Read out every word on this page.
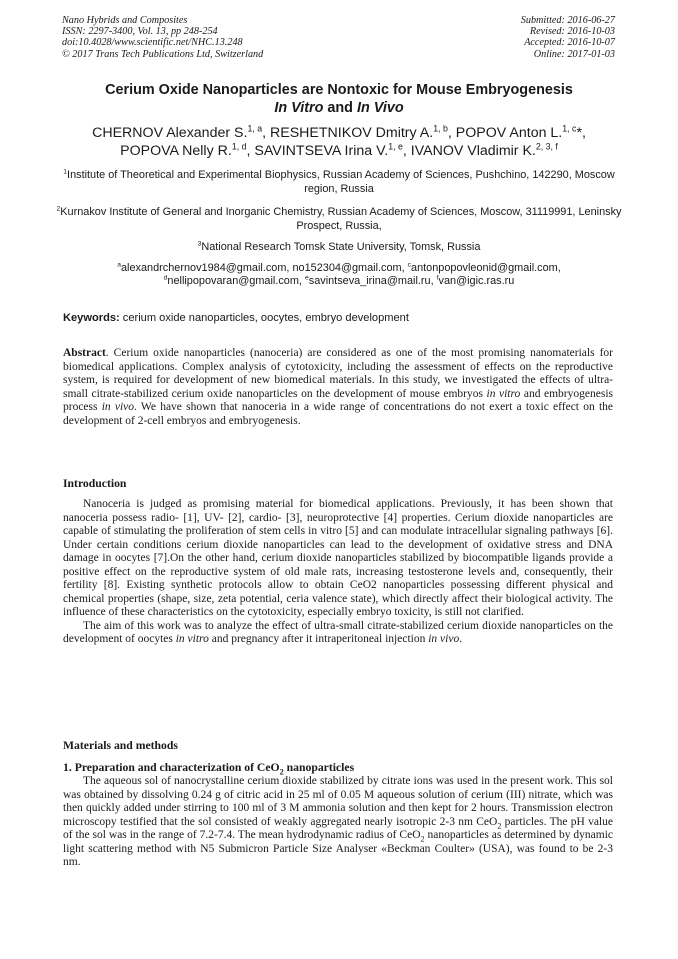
Nano Hybrids and Composites
ISSN: 2297-3400, Vol. 13, pp 248-254
doi:10.4028/www.scientific.net/NHC.13.248
© 2017 Trans Tech Publications Ltd, Switzerland
Submitted: 2016-06-27
Revised: 2016-10-03
Accepted: 2016-10-07
Online: 2017-01-03
Cerium Oxide Nanoparticles are Nontoxic for Mouse Embryogenesis
In Vitro and In Vivo
CHERNOV Alexander S.$^{1, a}$, RESHETNIKOV Dmitry A.$^{1, b}$, POPOV Anton L.$^{1, c}$*,
POPOVA Nelly R.$^{1, d}$, SAVINTSEVA Irina V.$^{1, e}$, IVANOV Vladimir K.$^{2, 3, f}$
$^1$Institute of Theoretical and Experimental Biophysics, Russian Academy of Sciences, Pushchino, 142290, Moscow region, Russia
$^2$Kurnakov Institute of General and Inorganic Chemistry, Russian Academy of Sciences, Moscow, 31119991, Leninsky Prospect, Russia,
$^3$National Research Tomsk State University, Tomsk, Russia
$^a$alexandrchernov1984@gmail.com, no152304@gmail.com, $^c$antonpopovleonid@gmail.com,
$^d$nellipopovaran@gmail.com, $^e$savintseva_irina@mail.ru, $^f$van@igic.ras.ru
Keywords: cerium oxide nanoparticles, oocytes, embryo development

Abstract. Cerium oxide nanoparticles (nanoceria) are considered as one of the most promising nanomaterials for biomedical applications. Complex analysis of cytotoxicity, including the assessment of effects on the reproductive system, is required for development of new biomedical materials. In this study, we investigated the effects of ultra-small citrate-stabilized cerium oxide nanoparticles on the development of mouse embryos in vitro and embryogenesis process in vivo. We have shown that nanoceria in a wide range of concentrations do not exert a toxic effect on the development of 2-cell embryos and embryogenesis.

Introduction

Nanoceria is judged as promising material for biomedical applications. Previously, it has been shown that nanoceria possess radio- [1], UV- [2], cardio- [3], neuroprotective [4] properties. Cerium dioxide nanoparticles are capable of stimulating the proliferation of stem cells in vitro [5] and can modulate intracellular signaling pathways [6]. Under certain conditions cerium dioxide nanoparticles can lead to the development of oxidative stress and DNA damage in oocytes [7].On the other hand, cerium dioxide nanoparticles stabilized by biocompatible ligands provide a positive effect on the reproductive system of old male rats, increasing testosterone levels and, consequently, their fertility [8]. Existing synthetic protocols allow to obtain CeO2 nanoparticles possessing different physical and chemical properties (shape, size, zeta potential, ceria valence state), which directly affect their biological activity. The influence of these characteristics on the cytotoxicity, especially embryo toxicity, is still not clarified.

The aim of this work was to analyze the effect of ultra-small citrate-stabilized cerium dioxide nanoparticles on the development of oocytes in vitro and pregnancy after it intraperitoneal injection in vivo.

Materials and methods
1. Preparation and characterization of CeO$_2$ nanoparticles

The aqueous sol of nanocrystalline cerium dioxide stabilized by citrate ions was used in the present work. This sol was obtained by dissolving 0.24 g of citric acid in 25 ml of 0.05 M aqueous solution of cerium (III) nitrate, which was then quickly added under stirring to 100 ml of 3 M ammonia solution and then kept for 2 hours. Transmission electron microscopy testified that the sol consisted of weakly aggregated nearly isotropic 2-3 nm CeO$_2$ particles. The pH value of the sol was in the range of 7.2-7.4. The mean hydrodynamic radius of CeO$_2$ nanoparticles as determined by dynamic light scattering method with N5 Submicron Particle Size Analyser «Beckman Coulter» (USA), was found to be 2-3 nm.
